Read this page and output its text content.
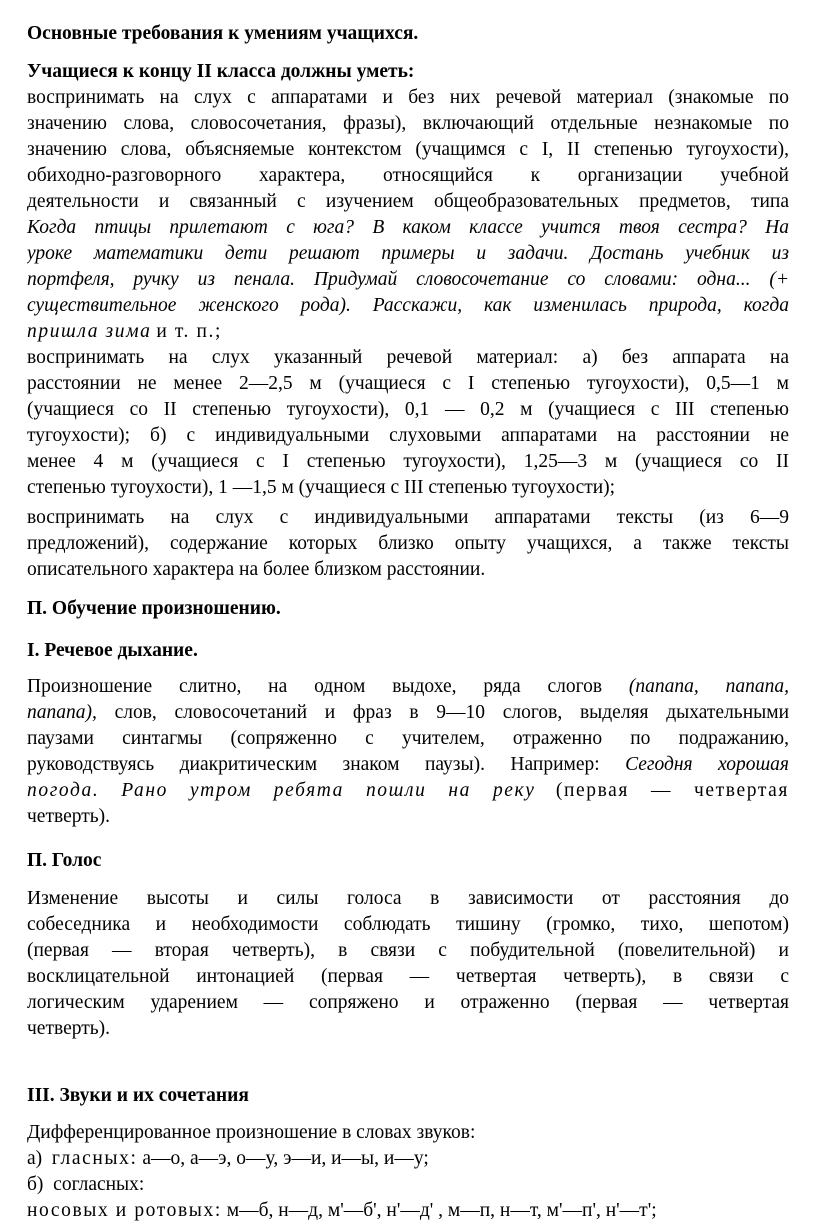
Основные требования к умениям учащихся.
Учащиеся к концу II класса должны уметь:
воспринимать на слух с аппаратами и без них речевой материал (знакомые по
значению слова, словосочетания, фразы), включающий отдельные незнакомые по
значению слова, объясняемые контекстом (учащимся с I, II степенью тугоухости),
обиходно-разговорного характера, относящийся к организации учебной
деятельности и связанный с изучением общеобразовательных предметов, типа
Когда птицы прилетают с юга? В каком классе учится твоя сестра? На
уроке математики дети решают примеры и задачи. Достань учебник из
портфеля, ручку из пенала. Придумай словосочетание со словами: одна... (+
существительное женского рода). Расскажи, как изменилась природа, когда
пришла зима и т. п.;
воспринимать на слух указанный речевой материал: а) без аппарата на
расстоянии не менее 2—2,5 м (учащиеся с I степенью тугоухости), 0,5—1 м
(учащиеся со II степенью тугоухости), 0,1 — 0,2 м (учащиеся с III степенью
тугоухости); б) с индивидуальными слуховыми аппаратами на расстоянии не
менее 4 м (учащиеся с I степенью тугоухости), 1,25—3 м (учащиеся со II
степенью тугоухости), 1 —1,5 м (учащиеся с III степенью тугоухости);
воспринимать на слух с индивидуальными аппаратами тексты (из 6—9
предложений), содержание которых близко опыту учащихся, а также тексты
описательного характера на более близком расстоянии.
П. Обучение произношению.
I. Речевое дыхание.
Произношение слитно, на одном выдохе, ряда слогов (папапа, папапа,
папапа), слов, словосочетаний и фраз в 9—10 слогов, выделяя дыхательными
паузами синтагмы (сопряженно с учителем, отраженно по подражанию,
руководствуясь диакритическим знаком паузы). Например: Сегодня хорошая
погода. Рано утром ребята пошли на реку (первая — четвертая
четверть).
П. Голос
Изменение высоты и силы голоса в зависимости от расстояния до
собеседника и необходимости соблюдать тишину (громко, тихо, шепотом)
(первая — вторая четверть), в связи с побудительной (повелительной) и
восклицательной интонацией (первая — четвертая четверть), в связи с
логическим ударением — сопряжено и отраженно (первая — четвертая
четверть).
III. Звуки и их сочетания
Дифференцированное произношение в словах звуков:
а) гласных: а—о, а—э, о—у, э—и, и—ы, и—у;
б) согласных:
носовых и ротовых: м—б, н—д, м'—б', н'—д' , м—п, н—т, м'—п', н'—т';
